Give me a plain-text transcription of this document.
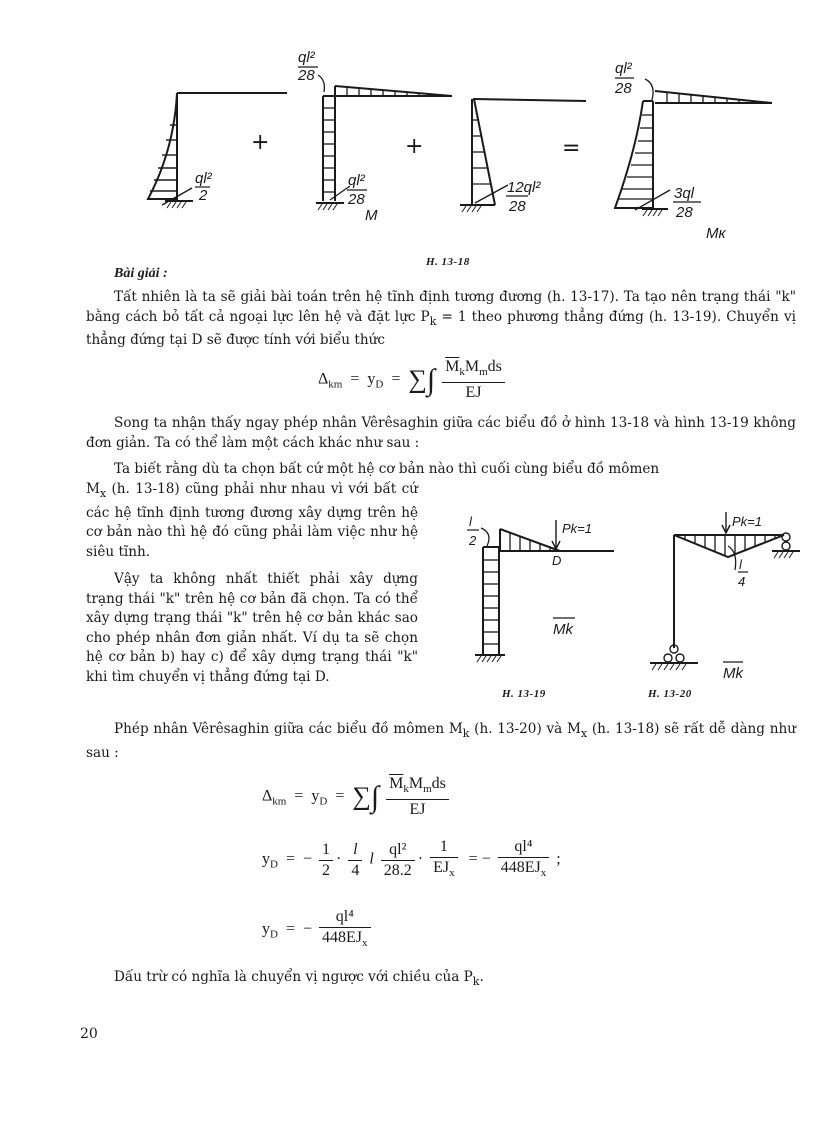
ql²
2
+
ql²
28
ql²
28
M
+
12ql²
28
=
ql²
28
3ql
28
Mк
H. 13-18
Bài giải :

Tất nhiên là ta sẽ giải bài toán trên hệ tĩnh định tương đương (h. 13-17). Ta tạo nên trạng thái "k" bằng cách bỏ tất cả ngoại lực lên hệ và đặt lực $P_k = 1$ theo phương thẳng đứng (h. 13-19). Chuyển vị thẳng đứng tại D sẽ được tính với biểu thức

$\Delta_{km} = y_D$ = ∑∫ $\frac{\overline{M}_kM_mds}{EJ}$

Song ta nhận thấy ngay phép nhân Vêrêsaghin giữa các biểu đồ ở hình 13-18 và hình 13-19 không đơn giản. Ta có thể làm một cách khác như sau :

Ta biết rằng dù ta chọn bất cứ một hệ cơ bản nào thì cuối cùng biểu đồ mômen

$M_x$ (h. 13-18) cũng phải như nhau vì với bất cứ các hệ tĩnh định tương đương xây dựng trên hệ cơ bản nào thì hệ đó cũng phải làm việc như hệ siêu tĩnh.

Vậy ta không nhất thiết phải xây dựng trạng thái "k" trên hệ cơ bản đã chọn. Ta có thể xây dựng trạng thái "k" trên hệ cơ bản khác sao cho phép nhân đơn giản nhất. Ví dụ ta sẽ chọn hệ cơ bản b) hay c) để xây dựng trạng thái "k" khi tìm chuyển vị thẳng đứng tại D.

l
2
Pk=1
D
Mk
H. 13-19
Pk=1
l
4
Mk
H. 13-20

Phép nhân Vêrêsaghin giữa các biểu đồ mômen $M_k$ (h. 13-20) và $M_x$ (h. 13-18) sẽ rất dễ dàng như sau :

$\Delta_{km} = y_D$ = ∑∫ $\frac{\overline{M}_kM_mds}{EJ}$
$y_D$  =  − $\frac{1}{2} \cdot \frac{l}{4}$ l $\frac{\text{ql²}}{28.2} \cdot \frac{1}{EJ_x}$ = − $\frac{\text{ql⁴}}{448EJ_x}$ ;
$y_D$  =  − $\frac{\text{ql⁴}}{448EJ_x}$

Dấu trừ có nghĩa là chuyển vị ngược với chiều của $P_k$.

20
